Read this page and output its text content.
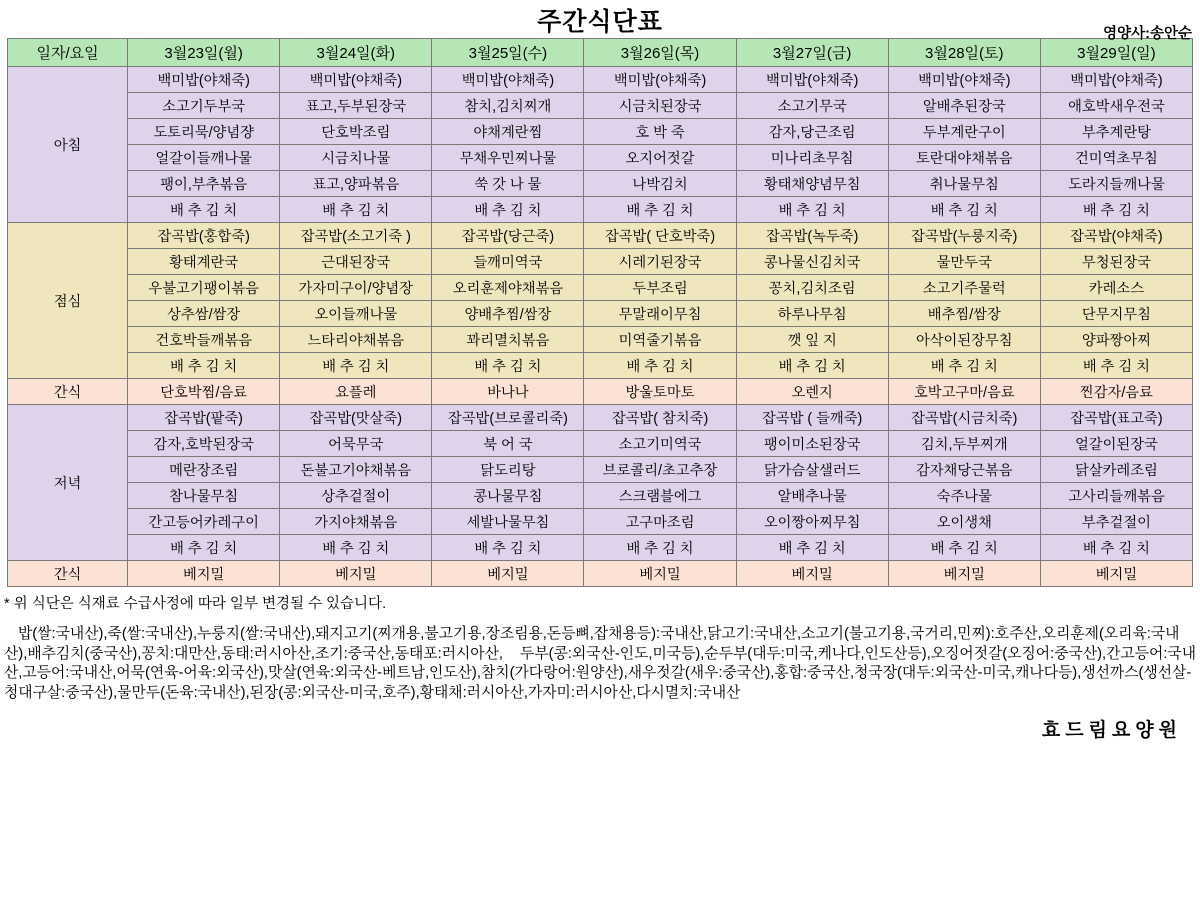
주간식단표	영양사:송안순
일자/요일	3월23일(월)	3월24일(화)	3월25일(수)	3월26일(목)	3월27일(금)	3월28일(토)	3월29일(일)
아침	백미밥(야채죽)	백미밥(야채죽)	백미밥(야채죽)	백미밥(야채죽)	백미밥(야채죽)	백미밥(야채죽)	백미밥(야채죽)
	소고기두부국	표고,두부된장국	참치,김치찌개	시금치된장국	소고기무국	알배추된장국	애호박새우전국
	도토리묵/양념쟝	단호박조림	야채계란찜	호 박 죽	감자,당근조림	두부계란구이	부추계란탕
	얼갈이들깨나물	시금치나물	무채우민찌나물	오지어젓갈	미나리초무침	토란대야채볶음	건미역초무침
	팽이,부추볶음	표고,양파볶음	쑥 갓 나 물	나박김치	황태채양념무침	취나물무침	도라지들깨나물
	배 추 김 치	배 추 김 치	배 추 김 치	배 추 김 치	배 추 김 치	배 추 김 치	배 추 김 치
점심	잡곡밥(홍합죽)	잡곡밥(소고기죽 )	잡곡밥(당근죽)	잡곡밥( 단호박죽)	잡곡밥(녹두죽)	잡곡밥(누룽지죽)	잡곡밥(야채죽)
	황태계란국	근대된장국	들깨미역국	시레기된장국	콩나물신김치국	물만두국	무청된장국
	우불고기팽이볶음	가자미구이/양념장	오리훈제야채볶음	두부조림	꽁치,김치조림	소고기주물럭	카레소스
	상추쌈/쌈장	오이들깨나물	양배추찜/쌈장	무말래이무침	하루나무침	배추찜/쌈장	단무지무침
	건호박들깨볶음	느타리야채볶음	꽈리멸치볶음	미역줄기볶음	깻 잎 지	아삭이된장무침	양파짱아찌
	배 추 김 치	배 추 김 치	배 추 김 치	배 추 김 치	배 추 김 치	배 추 김 치	배 추 김 치
간식	단호박찜/음료	요플레	바나나	방울토마토	오렌지	호박고구마/음료	찐감자/음료
저녁	잡곡밥(팥죽)	잡곡밥(맛살죽)	잡곡밥(브로콜리죽)	잡곡밥( 참치죽)	잡곡밥 ( 들깨죽)	잡곡밥(시금치죽)	잡곡밥(표고죽)
	감자,호박된장국	어묵무국	북 어 국	소고기미역국	팽이미소된장국	김치,두부찌개	얼갈이된장국
	메란장조림	돈불고기야채볶음	닭도리탕	브로콜리/초고추장	닭가슴살샐러드	감자채당근볶음	닭살카레조림
	참나물무침	상추겉절이	콩나물무침	스크램블에그	알배추나물	숙주나물	고사리들깨볶음
	간고등어카레구이	가지야채볶음	세발나물무침	고구마조림	오이짱아찌무침	오이생채	부추겉절이
	배 추 김 치	배 추 김 치	배 추 김 치	배 추 김 치	배 추 김 치	배 추 김 치	배 추 김 치
간식	베지밀	베지밀	베지밀	베지밀	베지밀	베지밀	베지밀
* 위 식단은 식재료 수급사정에 따라 일부 변경될 수 있습니다.
밥(쌀:국내산),죽(쌀:국내산),누룽지(쌀:국내산),돼지고기(찌개용,불고기용,장조림용,돈등뼈,잡채용등):국내산,닭고기:국내산,소고기(불고기용,국거리,민찌):호주산,오리훈제(오리육:국내산),배추김치(중국산),꽁치:대만산,동태:러시아산,조기:중국산,동태포:러시아산, 두부(콩:외국산-인도,미국등),순두부(대두:미국,케나다,인도산등),오징어젓갈(오징어:중국산),간고등어:국내산,고등어:국내산,어묵(연육-어육:외국산),맛살(연육:외국산-베트남,인도산),참치(가다랑어:원양산),새우젓갈(새우:중국산),홍합:중국산,청국장(대두:외국산-미국,캐나다등),생선까스(생선살-청대구살:중국산),물만두(돈육:국내산),된장(콩:외국산-미국,호주),황태채:러시아산,가자미:러시아산,다시멸치:국내산
효드림요양원
